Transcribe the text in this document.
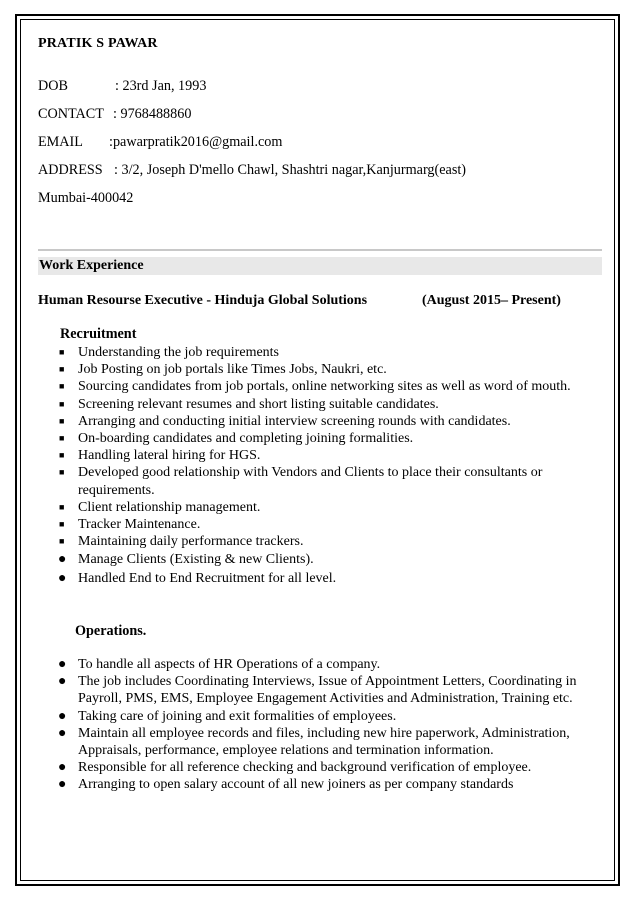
PRATIK S PAWAR
DOB	: 23rd Jan, 1993
CONTACT : 9768488860
EMAIL :pawarpratik2016@gmail.com
ADDRESS : 3/2, Joseph D'mello Chawl, Shashtri nagar,Kanjurmarg(east)
Mumbai-400042
Work Experience
Human Resourse Executive - Hinduja Global Solutions	(August 2015– Present)
Recruitment
■ Understanding the job requirements
■ Job Posting on job portals like Times Jobs, Naukri, etc.
■ Sourcing candidates from job portals, online networking sites as well as word of mouth.
■ Screening relevant resumes and short listing suitable candidates.
■ Arranging and conducting initial interview screening rounds with candidates.
■ On-boarding candidates and completing joining formalities.
■ Handling lateral hiring for HGS.
■ Developed good relationship with Vendors and Clients to place their consultants or requirements.
■ Client relationship management.
■ Tracker Maintenance.
■ Maintaining daily performance trackers.
● Manage Clients (Existing & new Clients).
● Handled End to End Recruitment for all level.
Operations.
● To handle all aspects of HR Operations of a company.
● The job includes Coordinating Interviews, Issue of Appointment Letters, Coordinating in Payroll, PMS, EMS, Employee Engagement Activities and Administration, Training etc.
● Taking care of joining and exit formalities of employees.
● Maintain all employee records and files, including new hire paperwork, Administration, Appraisals, performance, employee relations and termination information.
● Responsible for all reference checking and background verification of employee.
● Arranging to open salary account of all new joiners as per company standards
